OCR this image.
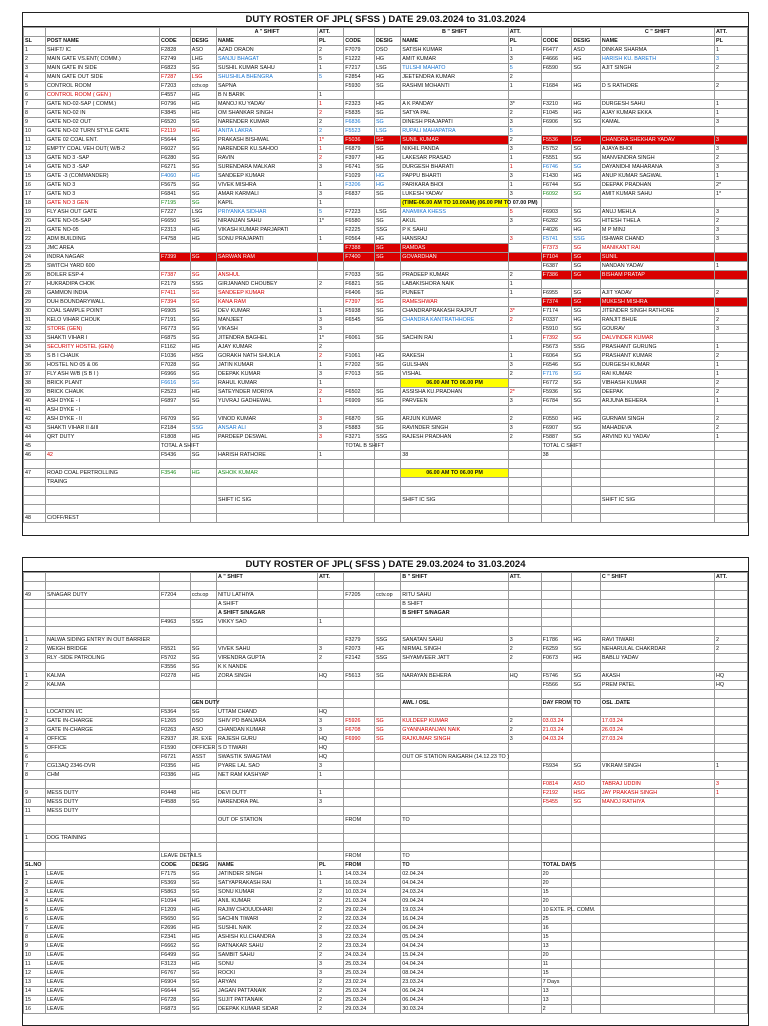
DUTY ROSTER OF JPL( SFSS ) DATE 29.03.2024 to 31.03.2024
				A " SHIFT	ATT.			B " SHIFT	ATT.			C " SHIFT	ATT.
SL	POST NAME	CODE	DESIG	NAME	PL	CODE	DESIG	NAME	PL	CODE	DESIG	NAME	PL
1	SHIFT/ IC	F2828	ASO	AZAD ORAON	2	F7079	DSO	SATISH KUMAR	1	F6477	ASO	DINKAR SHARMA	1
2	MAIN GATE VS.ENT( COMM.)	F2749	LHG	SANJU BHAGAT	5	F1222	HG	AMIT KUMAR	3	F4666	HG	HARISH KU. BARETH	3
3	MAIN GATE IN SIDE	F6823	SG	SUSHIL KUMAR SAHU	1	F7217	LSG	TULSHI MAHATO	5	F6590	SG	AJIT SINGH	2
4	MAIN GATE OUT SIDE	F7287	LSG	SHUSHILA BHENGRA	5	F2854	HG	JEETENDRA KUMAR	2				
5	CONTROL ROOM	F7203	cctv.op	SAPNA		F5930	SG	RASHMI MOHANTI	1	F1684	HG	D S RATHORE	2
6	CONTROL ROOM ( GEN )	F4557	HG	B N BARIK	1								
7	GATE NO-02-SAP ( COMM.)	F0796	HG	MANOJ KU YADAV	1	F2323	HG	A K PANDAY	3*	F3210	HG	DURGESH SAHU	1
8	GATE NO-02 IN	F3845	HG	OM SHANKAR SINGH	2	F5835	SG	SATYA PAL	2	F1045	HG	AJAY KUMAR EKKA	1
9	GATE NO-02 OUT	F6520	SG	NARENDER KUMAR	2	F6836	SG	DINESH PRAJAPATI	3	F6906	SG	KAMAL	3
10	GATE NO-02 TURN STYLE GATE	F2119	HG	ANITA LAKRA	2	F5523	LSG	RUPALI MAHAPATRA	5				
11	GATE 02 COAL ENT.	F5644	SG	PRAKASH BISHWAL	1*	F5036	SG	SUNIL KUMAR	2	F5536	SG	CHANDRA SHEKHAR YADAV	3
12	EMPTY COAL VEH OUT( W/B-2	F6027	SG	NARENDER KU.SAHOO	1	F6879	SG	NIKHIL PANDA	3	F5752	SG	AJAYA BHOI	3
13	GATE NO 3 -SAP	F6280	SG	RAVIN	2	F3977	HG	LAKESAR PRASAD	1	F5551	SG	MANVENDRA SINGH	2
14	GATE NO 3 -SAP	F6271	SG	SURENDARA MALKAR	3	F6741	SG	DURGESH BHARATI	1	F6746	SG	DAYANIDHI MAHARANA	3
15	GATE -3 (COMMANDER)	F4060	HG	SANDEEP KUMAR		F1029	HG	PAPPU BHARTI	3	F1430	HG	ANUP KUMAR SAGWAL	1
16	GATE NO 3	F5675	SG	VIVEK MISHRA	1	F3206	HG	PARIKARA BHOI	1	F6744	SG	DEEPAK PRADHAN	2*
17	GATE NO 3	F6841	SG	AMAR KARMALI	3	F6837	SG	LUKESH YADAV	3	F6092	SG	AMIT KUMAR SAHU	1*
18	GATE NO 3 GEN	F7195	SG	KAPIL	1			(TIME-06.00 AM TO 10.00AM) (06.00 PM TO 07.00 PM)					
19	FLY ASH OUT GATE	F7227	LSG	PRIYANKA SIDHAR	5	F7223	LSG	ANAMIKA KHESS	5	F6903	SG	ANUJ MEHLA	3
20	GATE NO-05-SAP	F6650	SG	NIRANJAN SAHU	1*	F6580	SG	AKUL	3	F6282	SG	HITESH THELA	2
21	GATE NO-05	F2313	HG	VIKASH KUMAR PARJAPATI		F2225	SSG	P K SAHU		F4026	HG	M P MINJ	3
22	ADM BUILDING	F4758	HG	SONU PRAJAPATI	1	F0564	HG	HANSRAJ	3	F5741	SSG	ISHWAR CHAND	3
23	JMC AREA					F7388	SG	RAMDAS		F7373	SG	MANIKANT RAI	
24	INDRA NAGAR	F7399	SG	SARWAN RAM		F7400	SG	GOVARDHAN		F7104	SG	SUNIL	
25	SWITCH YARD 600									F6387	SG	NANDAN YADAV	1
26	BOILER ESP-4	F7387	SG	ANSHUL		F7033	SG	PRADEEP KUMAR	2	F7386	SG	BISHAM PRATAP	
27	HUKRADIPA CHOK	F2179	SSG	GIRJANAND CHOUBEY	2	F6821	SG	LABAKISHORA NAIK	1				
28	GAMMON INDIA	F7411	SG	SANDEEP KUMAR		F6406	SG	PUNEET	1	F6955	SG	AJIT YADAV	2
29	DUH BOUNDARYWALL	F7394	SG	KANA RAM		F7397	SG	RAMESHWAR		F7374	SG	MUKESH MISHRA	
30	COAL SAMPLE POINT	F6905	SG	DEV KUMAR	1	F5938	SG	CHANDRAPRAKASH RAJPUT	3*	F7174	SG	JITENDER SINGH RATHORE	3
31	KELO VIHAR CHOUK	F7191	SG	MANJEET	3	F6545	SG	CHANDRA KANTRATHHORE	2	F0337	HG	RANJIT BHUE	2
32	STORE (GEN)	F6773	SG	VIKASH	3					F5910	SG	GOURAV	3
33	SHAKTI VIHAR I	F6875	SG	JITENDRA BAGHEL	1*	F6061	SG	SACHIN RAI	1	F7392	SG	DALVINDER KUMAR	
34	SECURITY HOSTEL (GEN)	F1162	HG	AJAY KUMAR	2					F5673	SSG	PRASHANT GURUNG	1
35	S B I CHAUK	F1036	HSG	GORAKH NATH SHUKLA	2	F1061	HG	RAKESH	1	F6064	SG	PRASHANT KUMAR	2
36	HOSTEL NO 05 & 06	F7028	SG	JATIN KUMAR	1	F7202	SG	GULSHAN	3	F6546	SG	DURGESH KUMAR	1
37	FLY ASH W/B (S B I )	F6966	SG	DEEPAK KUMAR	3	F7013	SG	VISHAL	2	F7176	SG	RAI KUMAR	1
38	BRICK PLANT	F6616	SG	RAHUL KUMAR	1			06.00 AM TO 06.00 PM		F6772	SG	VIBHASH KUMAR	2
39	BRICK CHAUK	F2523	HG	SATEYNDER MORIYA	2	F6502	SG	ASSISHA KU.PRADHAN	2*	F5936	SG	DEEPAK	2
40	ASH DYKE - I	F6897	SG	YUVRAJ GADHEWAL	1	F6909	SG	PARVEEN	3	F6784	SG	ARJUNA BEHERA	1
41	ASH DYKE - I												
42	ASH DYKE - II	F6709	SG	VINOD KUMAR	3	F6870	SG	ARJUN KUMAR	2	F0550	HG	GURNAM SINGH	2
43	SHAKTI VIHAR II &III	F2184	SSG	ANSAR ALI	3	F5883	SG	RAVINDER SINGH	3	F6907	SG	MAHADEVA	2
44	QRT DUTY	F1808	HG	PARDEEP DESWAL	3	F3271	SSG	RAJESH PRADHAN	2	F5887	SG	ARVIND KU YADAV	1
45		TOTAL A SHIFT				TOTAL B SHIFT				TOTAL C SHIFT			
46	42	F5436	SG	HARISH RATHORE	1			38		38			

47	ROAD COAL PERTROLLING	F3546	HG	ASHOK KUMAR				06.00 AM TO 06.00 PM					
	TRAING												

				SHIFT IC SIG				SHIFT IC SIG				SHIFT IC SIG	

48	C/OFF/REST												
DUTY ROSTER OF JPL( SFSS ) DATE 29.03.2024 to 31.03.2024
				A " SHIFT	ATT.			B " SHIFT	ATT.			C " SHIFT	ATT.

49	S/NAGAR DUTY	F7204	cctv.op	NITU LATHIYA		F7205	cctv.op	RITU SAHU					
				A SHIFT				B SHIFT					
				A SHIFT S/NAGAR				B SHIFT S/NAGAR					
		F4963	SSG	VIKKY SAO	1								

1	NALWA SIDING ENTRY IN OUT BARRIER					F3279	SSG	SANATAN SAHU	3	F1786	HG	RAVI TIWARI	2
2	WEIGH BRIDGE	F5521	SG	VIVEK SAHU	3	F2073	HG	NIRMAL SINGH	2	F6259	SG	NEHARULAL CHAKRDAR	2
3	RLY -SIDE PATROLING	F5702	SG	VIRENDRA GUPTA	2	F2142	SSG	SHYAMVEER JATT	2	F0673	HG	BABLU YADAV	
		F3556	SG	K K NANDE									
1	KALMA	F0278	HG	ZORA SINGH	HQ	F5613	SG	NARAYAN BEHERA	HQ	F5746	SG	AKASH	HQ
2	KALMA									F5566	SG	PREM PATEL	HQ

			GEN DUTY					AWL / OSL		DAY FROM	TO	OSL .DATE	
1	LOCATION I/C	F5364	SG	UTTAM CHAND	HQ								
2	GATE IN-CHARGE	F1265	DSO	SHIV PD BANJARA	3	F5926	SG	KULDEEP KUMAR	2	03.03.24		17.03.24	
3	GATE IN-CHARGE	F0263	ASO	CHANDAN KUMAR	3	F6708	SG	GYANNARANJAN NAIK	2	21.03.24		26.03.24	
4	OFFICE	F2937	JR. EXE	RAJESH GURU	HQ	F6990	SG	RAJKUMAR SINGH	3	04.03.24		27.03.24	
5	OFFICE	F1590	OFFICER	S D TIWARI	HQ								
6		F6721	ASST	SWASTIK SWAGTAM	HQ			OUT OF STATION RAIGARH (14.12.23 TO )					
7	CG13AQ 2346-DVR	F0356	HG	PYARE LAL SAO	3					F5934	SG	VIKRAM SINGH	1
8	CHM	F0386	HG	NET RAM KASHYAP	1								
										F0814	ASO	TABRAJ UDDIN	3
9	MESS DUTY	F0448	HG	DEVI DUTT	1					F2192	HSG	JAY PRAKASH SINGH	1
10	MESS DUTY	F4588	SG	NARENDRA PAL	3					F5455	SG	MANOJ RATHIYA	
11	MESS DUTY												
				OUT OF STATION		FROM		TO					

1	DOG TRAINING												

		LEAVE DETAILS				FROM		TO					
SL.NO		CODE	DESIG	NAME	PL	FROM		TO		TOTAL DAYS			
1	LEAVE	F7175	SG	JATINDER SINGH	1	14.03.24		02.04.24		20			
2	LEAVE	F5369	SG	SATYAPRAKASH RAI	1	16.03.24		04.04.24		20			
3	LEAVE	F5863	SG	SONU KUMAR	2	10.03.24		24.03.24		15			
4	LEAVE	F1094	HG	ANIL KUMAR	2	21.03.24		09.04.24		20			
5	LEAVE	F1209	HG	RAJIW CHOUUDHARI	2	29.02.24		19.03.24		10 EXTE. PL. COMM.			
6	LEAVE	F5650	SG	SACHIN TIWARI	2	22.03.24		16.04.24		25			
7	LEAVE	F2696	HG	SUSHIL NAIK	2	22.03.24		06.04.24		16			
8	LEAVE	F2341	HG	ASHISH KU.CHANDRA	3	22.03.24		05.04.24		15			
9	LEAVE	F6662	SG	RATNAKAR SAHU	2	23.03.24		04.04.24		13			
10	LEAVE	F6499	SG	SAMBIT SAHU	2	24.03.24		15.04.24		20			
11	LEAVE	F3123	HG	SONU	3	25.03.24		04.04.24		11			
12	LEAVE	F6767	SG	ROCKI	3	25.03.24		08.04.24		15			
13	LEAVE	F6904	SG	ARYAN	2	23.02.24		23.03.24		7 Days			
14	LEAVE	F6644	SG	JAGAN PATTANAIK	2	25.03.24		06.04.24		13			
15	LEAVE	F6728	SG	SUJIT PATTANAIK	2	25.03.24		06.04.24		13			
16	LEAVE	F6873	SG	DEEPAK KUMAR SIDAR	2	29.03.24		30.03.24		2			
